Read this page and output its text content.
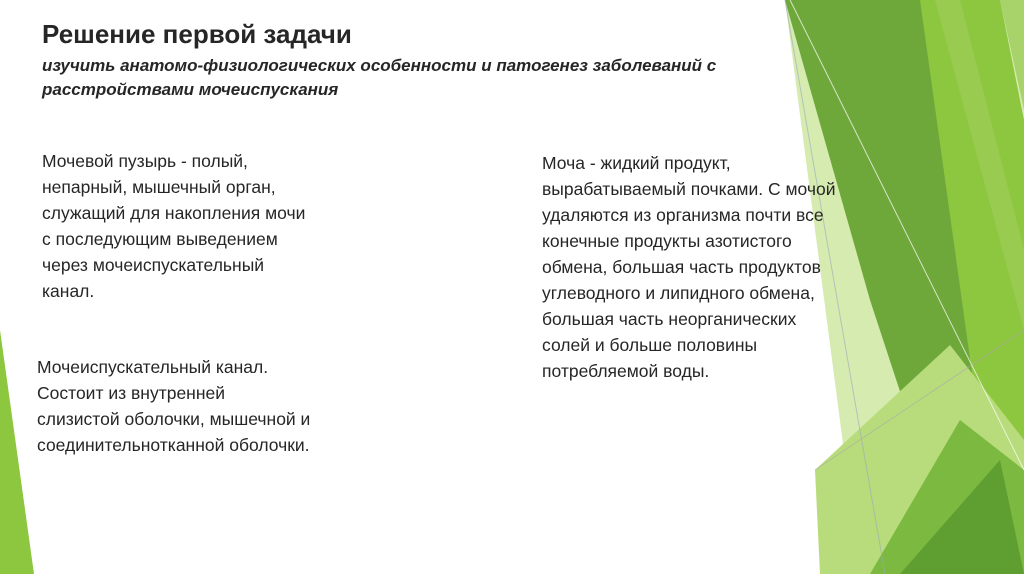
Решение первой задачи

изучить анатомо-физиологических особенности и патогенез заболеваний с расстройствами мочеиспускания

Мочевой пузырь - полый,
непарный, мышечный орган,
служащий для накопления мочи
с последующим выведением
через мочеиспускательный
канал.

Мочеиспускательный канал.
Состоит из внутренней
слизистой оболочки, мышечной и
соединительнотканной оболочки.

Моча - жидкий продукт,
вырабатываемый почками. С мочой
удаляются из организма почти все
конечные продукты азотистого
обмена, большая часть продуктов
углеводного и липидного обмена,
большая часть неорганических
солей и больше половины
потребляемой воды.
